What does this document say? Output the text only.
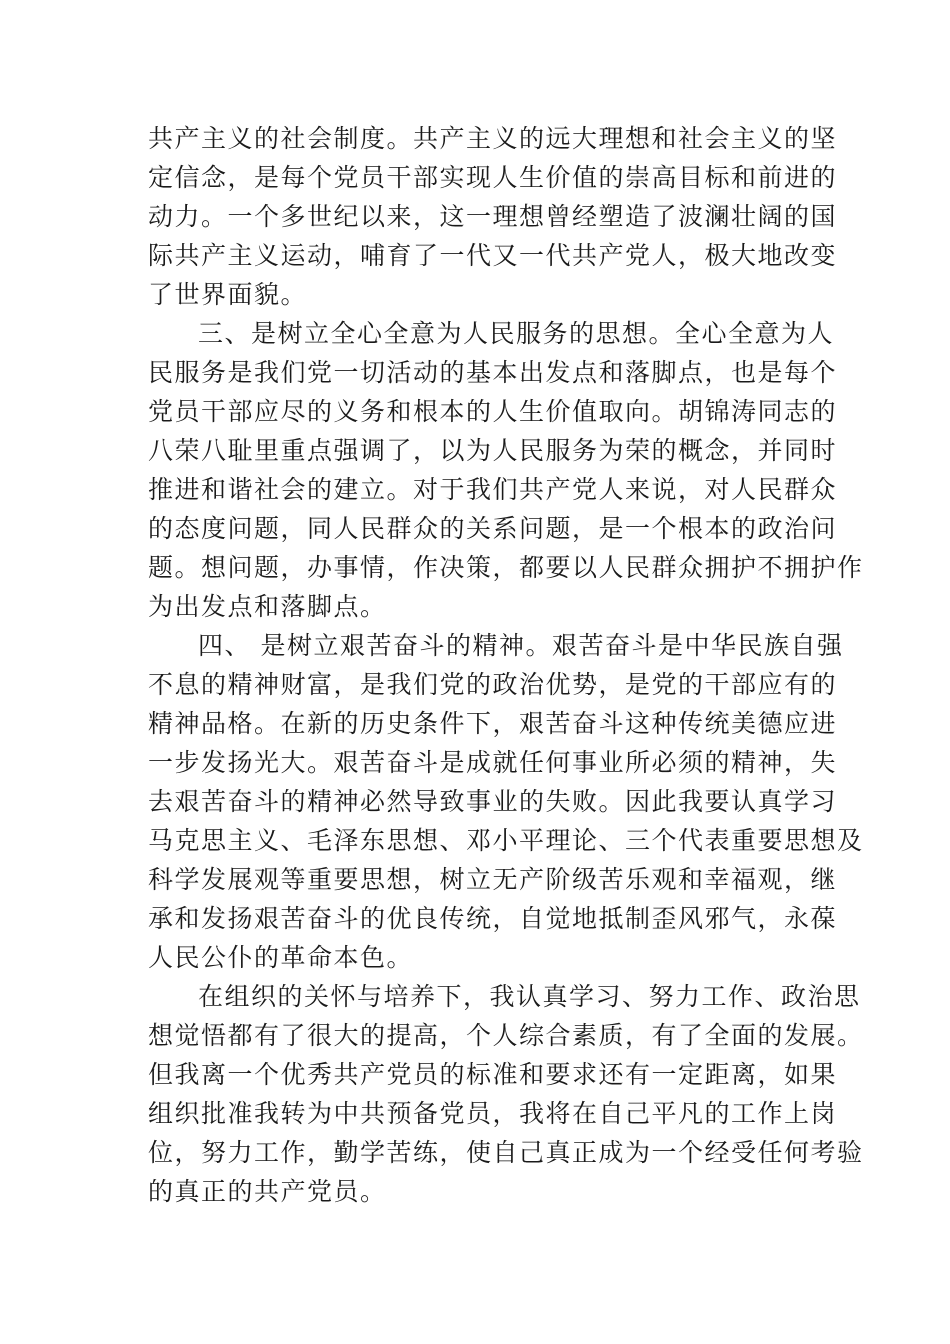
共产主义的社会制度。共产主义的远大理想和社会主义的坚
定信念，是每个党员干部实现人生价值的崇高目标和前进的
动力。一个多世纪以来，这一理想曾经塑造了波澜壮阔的国
际共产主义运动，哺育了一代又一代共产党人，极大地改变
了世界面貌。
三、是树立全心全意为人民服务的思想。全心全意为人
民服务是我们党一切活动的基本出发点和落脚点，也是每个
党员干部应尽的义务和根本的人生价值取向。胡锦涛同志的
八荣八耻里重点强调了，以为人民服务为荣的概念，并同时
推进和谐社会的建立。对于我们共产党人来说，对人民群众
的态度问题，同人民群众的关系问题，是一个根本的政治问
题。想问题，办事情，作决策，都要以人民群众拥护不拥护作
为出发点和落脚点。
四、 是树立艰苦奋斗的精神。艰苦奋斗是中华民族自强
不息的精神财富，是我们党的政治优势，是党的干部应有的
精神品格。在新的历史条件下，艰苦奋斗这种传统美德应进
一步发扬光大。艰苦奋斗是成就任何事业所必须的精神，失
去艰苦奋斗的精神必然导致事业的失败。因此我要认真学习
马克思主义、毛泽东思想、邓小平理论、三个代表重要思想及
科学发展观等重要思想，树立无产阶级苦乐观和幸福观，继
承和发扬艰苦奋斗的优良传统，自觉地抵制歪风邪气，永葆
人民公仆的革命本色。
在组织的关怀与培养下，我认真学习、努力工作、政治思
想觉悟都有了很大的提高，个人综合素质，有了全面的发展。
但我离一个优秀共产党员的标准和要求还有一定距离，如果
组织批准我转为中共预备党员，我将在自己平凡的工作上岗
位，努力工作，勤学苦练，使自己真正成为一个经受任何考验
的真正的共产党员。
